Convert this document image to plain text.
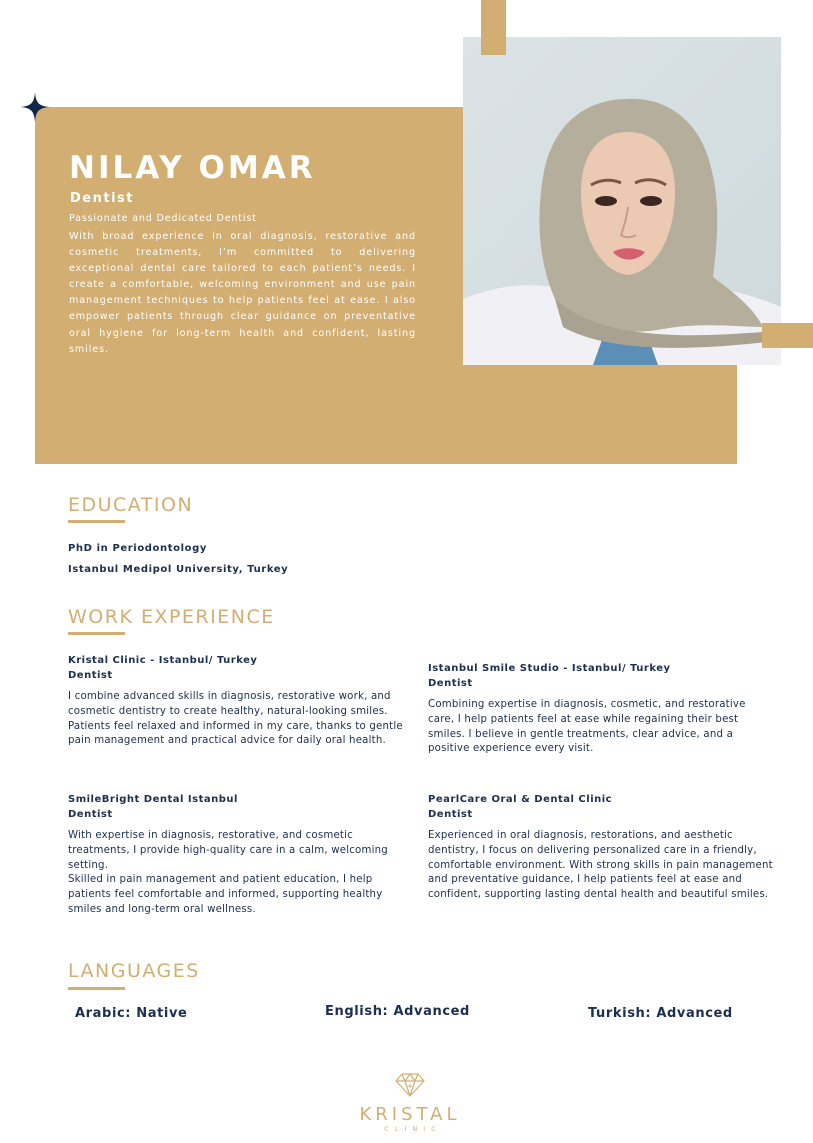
NILAY OMAR
Dentist
Passionate and Dedicated Dentist
With broad experience in oral diagnosis, restorative and cosmetic treatments, I’m committed to delivering exceptional dental care tailored to each patient’s needs. I create a comfortable, welcoming environment and use pain management techniques to help patients feel at ease. I also empower patients through clear guidance on preventative oral hygiene for long-term health and confident, lasting smiles.
EDUCATION
PhD in Periodontology
Istanbul Medipol University, Turkey
WORK EXPERIENCE
Kristal Clinic - Istanbul/ Turkey
Dentist
I combine advanced skills in diagnosis, restorative work, and cosmetic dentistry to create healthy, natural-looking smiles. Patients feel relaxed and informed in my care, thanks to gentle pain management and practical advice for daily oral health.
Istanbul Smile Studio - Istanbul/ Turkey
Dentist
Combining expertise in diagnosis, cosmetic, and restorative care, I help patients feel at ease while regaining their best smiles. I believe in gentle treatments, clear advice, and a positive experience every visit.
SmileBright Dental Istanbul
Dentist
With expertise in diagnosis, restorative, and cosmetic treatments, I provide high-quality care in a calm, welcoming setting.
Skilled in pain management and patient education, I help patients feel comfortable and informed, supporting healthy smiles and long-term oral wellness.
PearlCare Oral & Dental Clinic
Dentist
Experienced in oral diagnosis, restorations, and aesthetic dentistry, I focus on delivering personalized care in a friendly, comfortable environment. With strong skills in pain management and preventative guidance, I help patients feel at ease and confident, supporting lasting dental health and beautiful smiles.
LANGUAGES
Arabic: Native	English: Advanced	Turkish: Advanced
KRISTAL
CLINIC
